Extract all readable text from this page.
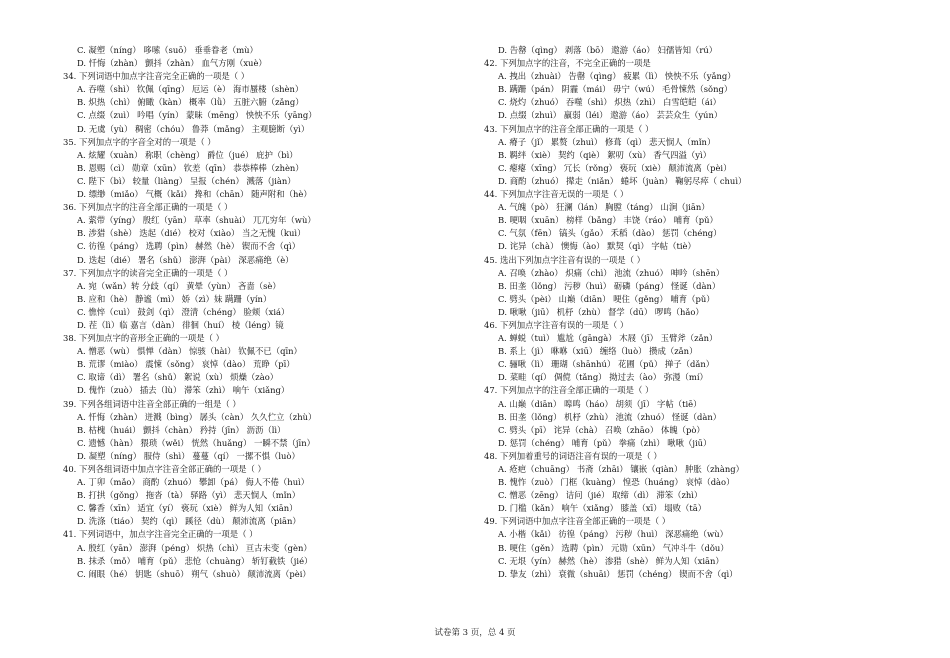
C. 凝塑（níng） 哆嗦（suō） 垂垂眷老（mù）
D. 忏悔（zhàn） 颤抖（zhàn） 血气方刚（xuè）
34. 下列词语中加点字注音完全正确的一项是（ ）
A. 吞噬（shì） 钦佩（qīng） 厄运（è） 海市蜃楼（shèn）
B. 炽热（chì） 俯瞰（kàn） 概率（lǜ） 五脏六腑（zǎng）
C. 点缀（zuì） 吟唱（yín） 蒙昧（mēng） 怏怏不乐（yāng）
D. 无虞（yù） 稠密（chóu） 鲁莽（mǎng） 主观臆断（yì）
35. 下列加点字的字音全对的一项是（ ）
A. 炫耀（xuàn） 称职（chèng） 爵位（jué） 庇护（bì）
B. 恩赐（cì） 勋章（xūn） 钦差（qīn） 恭恭棒棒（zhèn）
C. 陛下（bì） 较量（liàng） 呈报（chén） 溅落（jiàn）
D. 缥缈（miǎo） 气概（kǎi） 搀和（chān） 随声附和（hè）
36. 下列加点字的注音全部正确的一项是（ ）
A. 萦带（yíng） 殷红（yān） 草率（shuài） 兀兀穷年（wù）
B. 涉猎（shè） 迭起（dié） 校对（xiào） 当之无愧（kuì）
C. 彷徨（páng） 选聘（pìn） 赫然（hè） 锲而不舍（qì）
D. 迭起（dié） 署名（shǔ） 澎湃（pài） 深恶痛绝（è）
37. 下列加点字的读音完全正确的一项是（ ）
A. 宛（wǎn）转 分歧（qí） 黄晕（yùn） 吝啬（sè）
B. 应和（hè） 静谧（mì） 娇（zì）妹 蹒跚（yín）
C. 憔悴（cuì） 鼓剑（qì） 澄清（chéng） 脸颊（xiá）
D. 茬（lì）临 嘉言（dàn） 徘徊（huí） 棱（léng）镜
38. 下列加点字的音形全正确的一项是（ ）
A. 憎恶（wù） 惧惮（dàn） 惊骇（hài） 钦佩不已（qīn）
B. 荒谬（miào） 震悚（sǒng） 哀悼（dào） 荒睁（pī）
C. 取谛（dì） 署名（shǔ） 絮说（xù） 烦燥（zào）
D. 傀怍（zuò） 插去（lù） 滞笨（zhì） 响午（xiǎng）
39. 下列各组词语中注音全部正确的一组是（ ）
A. 忏悔（zhàn） 迸溅（bìng） 孱头（càn） 久久伫立（zhù）
B. 枯槐（huái） 颤抖（chàn） 矜持（jīn） 沥沥（lì）
C. 遗憾（hàn） 猥琐（wěi） 恍然（huǎng） 一瞬不禁（jīn）
D. 凝塑（níng） 服侍（shì） 蔓蔓（qí） 一摞不惧（luò）
40. 下列各组词语中加点字注音全部正确的一项是（ ）
A. 丁卯（mǎo） 商酌（zhuó） 攀卸（pá） 侮人不倦（huì）
B. 打拱（gǒng） 拖沓（tà） 驿路（yì） 悲天悯人（mǐn）
C. 馨香（xīn） 适宜（yí） 亵玩（xiè） 鲜为人知（xiān）
D. 洗涤（tiáo） 契约（qì） 蹊径（dù） 颠沛流离（piān）
41. 下列词语中，加点字注音完全正确的一项是（ ）
A. 殷红（yān） 澎湃（péng） 炽热（chì） 亘古未变（gèn）
B. 抹杀（mǒ） 哺育（pǔ） 悲怆（chuàng） 斩钉截铁（jié）
C. 闹眼（hé） 钥匙（shuō） 朔气（shuò） 颠沛流离（pèi）
D. 告罄（qìng） 剥落（bō） 遨游（áo） 妇孺皆知（rú）
42. 下列加点字的注音，不完全正确的一项是
A. 拽出（zhuài） 告罄（qìng） 疲累（lì） 怏怏不乐（yǎng）
B. 蹒跚（pán） 阴霾（mái） 毋宁（wú） 毛骨悚然（sǒng）
C. 烧灼（zhuó） 吞噬（shì） 炽热（zhì） 白雪皑皑（ái）
D. 点缀（zhuì） 羸弱（léi） 遨游（áo） 芸芸众生（yún）
43. 下列加点字的注音全部正确的一项是（ ）
A. 瘠子（jǐ） 累赘（zhuì） 修葺（qì） 悲天悯人（mǐn）
B. 羁绊（xiè） 契约（qiè） 絮叨（xù） 香气四溢（yì）
C. 瘪瘪（xīng） 冗长（rǒng） 亵玩（xiè） 颠沛流离（pèi）
D. 商酌（zhuó） 撵走（niǎn） 蜷坏（juàn） 鞠躬尽瘁（ chuì）
44. 下列加点字注音无误的一项是（ ）
A. 气魄（pò） 狂澜（lán） 胸膛（táng） 山涧（jiān）
B. 哽咽（xuān） 榜样（bǎng） 丰饶（ráo） 哺育（pǔ）
C. 气氛（fēn） 镐头（gǎo） 禾稻（dào） 惩罚（chéng）
D. 诧异（chà） 懊悔（ào） 默契（qì） 字帖（tiè）
45. 选出下列加点字注音有误的一项是（ ）
A. 召唤（zhào） 炽痛（chì） 池流（zhuó） 呻吟（shēn）
B. 田垄（lǒng） 污秽（huì） 砺磷（páng） 怪诞（dàn）
C. 劈头（pèi） 山巅（diān） 哽住（gěng） 哺育（pǔ）
D. 啾啾（jiū） 机杼（zhù） 督学（dū） 啰鸣（hǎo）
46. 下列加点字注音有误的一项是（ ）
A. 蝉蜕（tuì） 尴尬（gāngà） 木屐（jī） 玉臂斧（zǎn）
B. 系上（jì） 咻咻（xiū） 缠络（luò） 攒成（zǎn）
C. 骊啾（lì） 珊瑚（shānhú） 花圃（pǔ） 掸子（dǎn）
D. 菜畦（qí） 倜傥（tǎng） 拗过去（ào） 弥漫（mí）
47. 下列加点字的注音全部正确的一项是（ ）
A. 山巅（diān） 嗥鸣（háo） 胡须（jī） 字帖（tiē）
B. 田垄（lǒng） 机杼（zhù） 池流（zhuó） 怪诞（dàn）
C. 劈头（pī） 诧异（chà） 召唤（zhāo） 体魄（pò）
D. 惩罚（chéng） 哺育（pǔ） 拳痛（zhì） 啾啾（jiū）
48. 下列加着重号的词语注音有误的一项是（ ）
A. 疮疤（chuāng） 书斋（zhāi） 镶嵌（qiàn） 肿胀（zhàng）
B. 愧怍（zuò） 门框（kuàng） 惶恐（huáng） 哀悼（dào）
C. 憎恶（zēng） 诘问（jié） 取缔（dì） 滞笨（zhì）
D. 门槛（kǎn） 响午（xiǎng） 膝盖（xī） 塌败（tā）
49. 下列词语中加点字注音全部正确的一项是（ ）
A. 小楷（kǎi） 彷徨（páng） 污秽（huì） 深恶痛绝（wù）
B. 哽住（gěn） 选聘（pìn） 元勋（xūn） 气冲斗牛（dǒu）
C. 无垠（yín） 赫然（hè） 渗猎（shè） 鲜为人知（xiān）
D. 挚友（zhì） 衰微（shuāi） 惩罚（chéng） 锲而不舍（qì）
试卷第 3 页，总 4 页
